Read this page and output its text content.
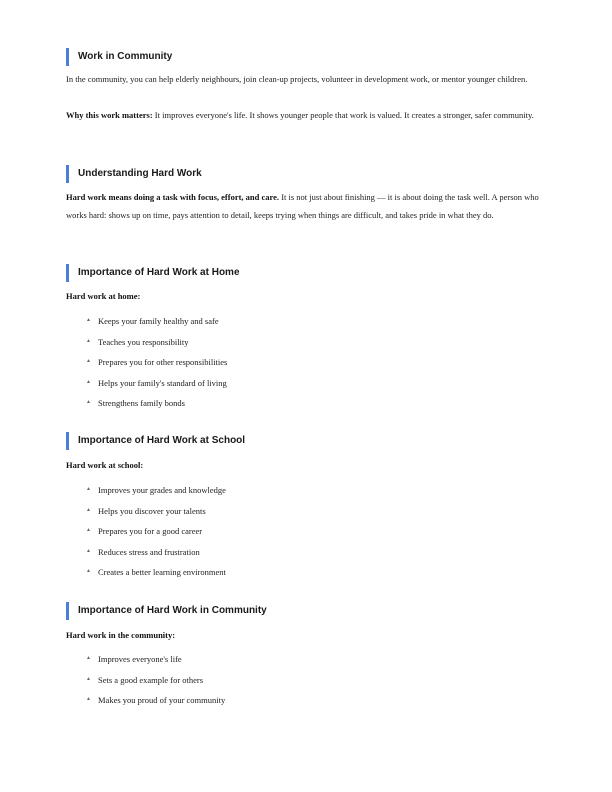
Work in Community
In the community, you can help elderly neighbours, join clean-up projects, volunteer in development work, or mentor younger children.
Why this work matters: It improves everyone's life. It shows younger people that work is valued. It creates a stronger, safer community.
Understanding Hard Work
Hard work means doing a task with focus, effort, and care. It is not just about finishing — it is about doing the task well. A person who works hard: shows up on time, pays attention to detail, keeps trying when things are difficult, and takes pride in what they do.
Importance of Hard Work at Home
Hard work at home:
▲ Keeps your family healthy and safe
▲ Teaches you responsibility
▲ Prepares you for other responsibilities
▲ Helps your family's standard of living
▲ Strengthens family bonds
Importance of Hard Work at School
Hard work at school:
▲ Improves your grades and knowledge
▲ Helps you discover your talents
▲ Prepares you for a good career
▲ Reduces stress and frustration
▲ Creates a better learning environment
Importance of Hard Work in Community
Hard work in the community:
▲ Improves everyone's life
▲ Sets a good example for others
▲ Makes you proud of your community
